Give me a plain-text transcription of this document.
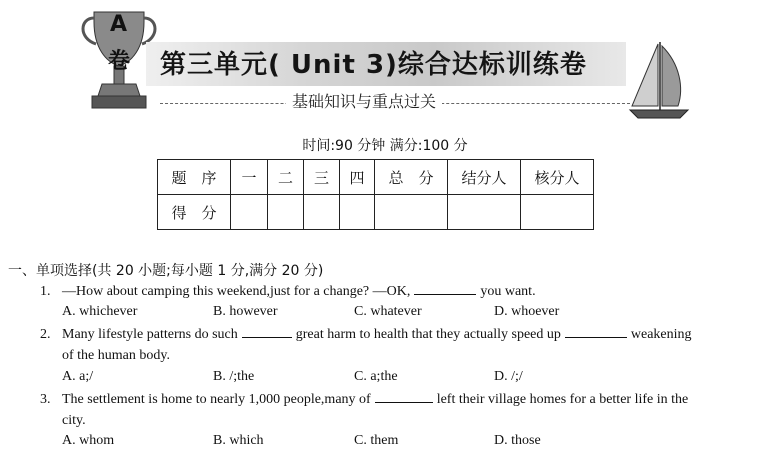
A
卷 第三单元( Unit 3)综合达标训练卷
基础知识与重点过关
时间:90 分钟 满分:100 分
题　序	一	二	三	四	总　分	结分人	核分人
得　分							
一、单项选择(共 20 小题;每小题 1 分,满分 20 分)
1. —How about camping this weekend,just for a change? —OK,	you want.
A. whichever	B. however	C. whatever	D. whoever
2. Many lifestyle patterns do such	great harm to health that they actually speed up	weakening
of the human body.
A. a;/	B. /;the	C. a;the	D. /;/
3. The settlement is home to nearly 1,000 people,many of	left their village homes for a better life in the
city.
A. whom	B. which	C. them	D. those
